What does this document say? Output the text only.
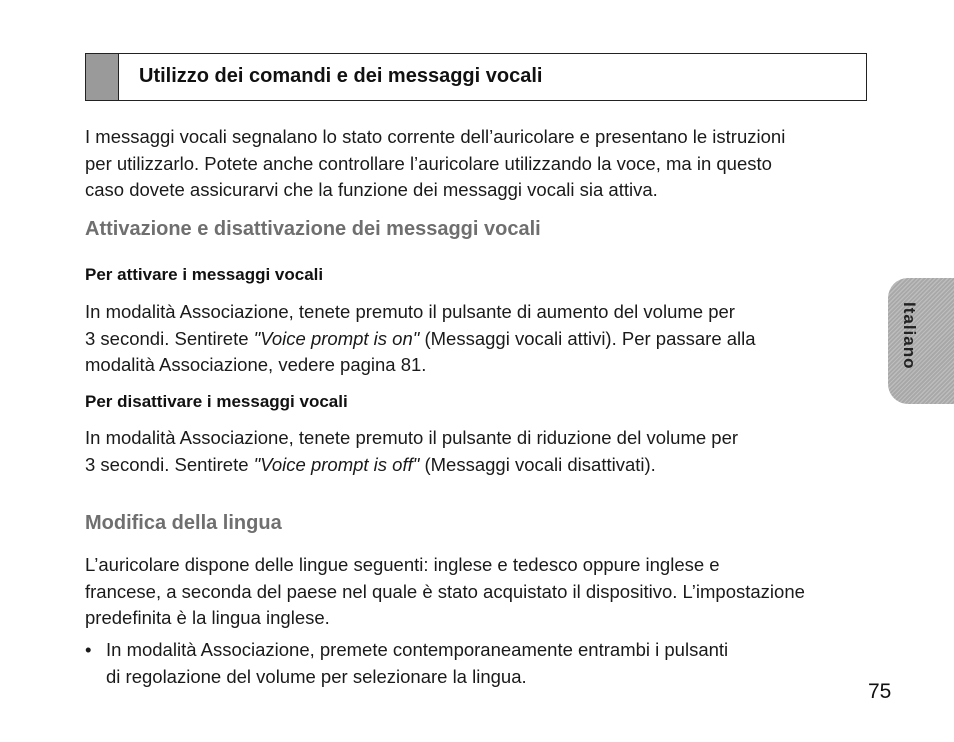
Utilizzo dei comandi e dei messaggi vocali
I messaggi vocali segnalano lo stato corrente dell’auricolare e presentano le istruzioni
per utilizzarlo. Potete anche controllare l’auricolare utilizzando la voce, ma in questo
caso dovete assicurarvi che la funzione dei messaggi vocali sia attiva.
Attivazione e disattivazione dei messaggi vocali
Per attivare i messaggi vocali
In modalità Associazione, tenete premuto il pulsante di aumento del volume per
3 secondi. Sentirete "Voice prompt is on" (Messaggi vocali attivi). Per passare alla
modalità Associazione, vedere pagina 81.
Per disattivare i messaggi vocali
In modalità Associazione, tenete premuto il pulsante di riduzione del volume per
3 secondi. Sentirete "Voice prompt is off" (Messaggi vocali disattivati).
Modifica della lingua
L’auricolare dispone delle lingue seguenti: inglese e tedesco oppure inglese e
francese, a seconda del paese nel quale è stato acquistato il dispositivo. L’impostazione
predefinita è la lingua inglese.
• In modalità Associazione, premete contemporaneamente entrambi i pulsanti
di regolazione del volume per selezionare la lingua.
Italiano
75
